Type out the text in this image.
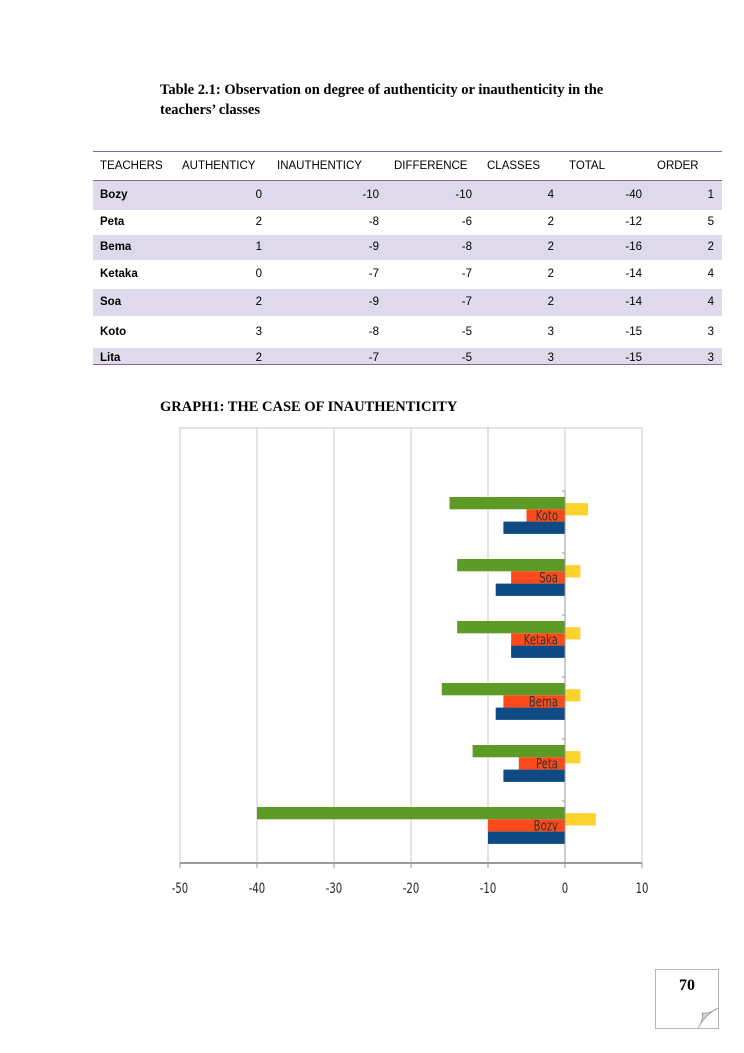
Table 2.1: Observation on degree of authenticity or inauthenticity in the teachers’ classes
TEACHERS	AUTHENTICY	INAUTHENTICY	DIFFERENCE	CLASSES	TOTAL	ORDER
Bozy	0	-10	-10	4	-40	1
Peta	2	-8	-6	2	-12	5
Bema	1	-9	-8	2	-16	2
Ketaka	0	-7	-7	2	-14	4
Soa	2	-9	-7	2	-14	4
Koto	3	-8	-5	3	-15	3
Lita	2	-7	-5	3	-15	3
GRAPH1: THE CASE OF INAUTHENTICITY
Koto
Soa
Ketaka
Bema
Peta
Bozy
-50	-40	-30	-20	-10	0	10
70
